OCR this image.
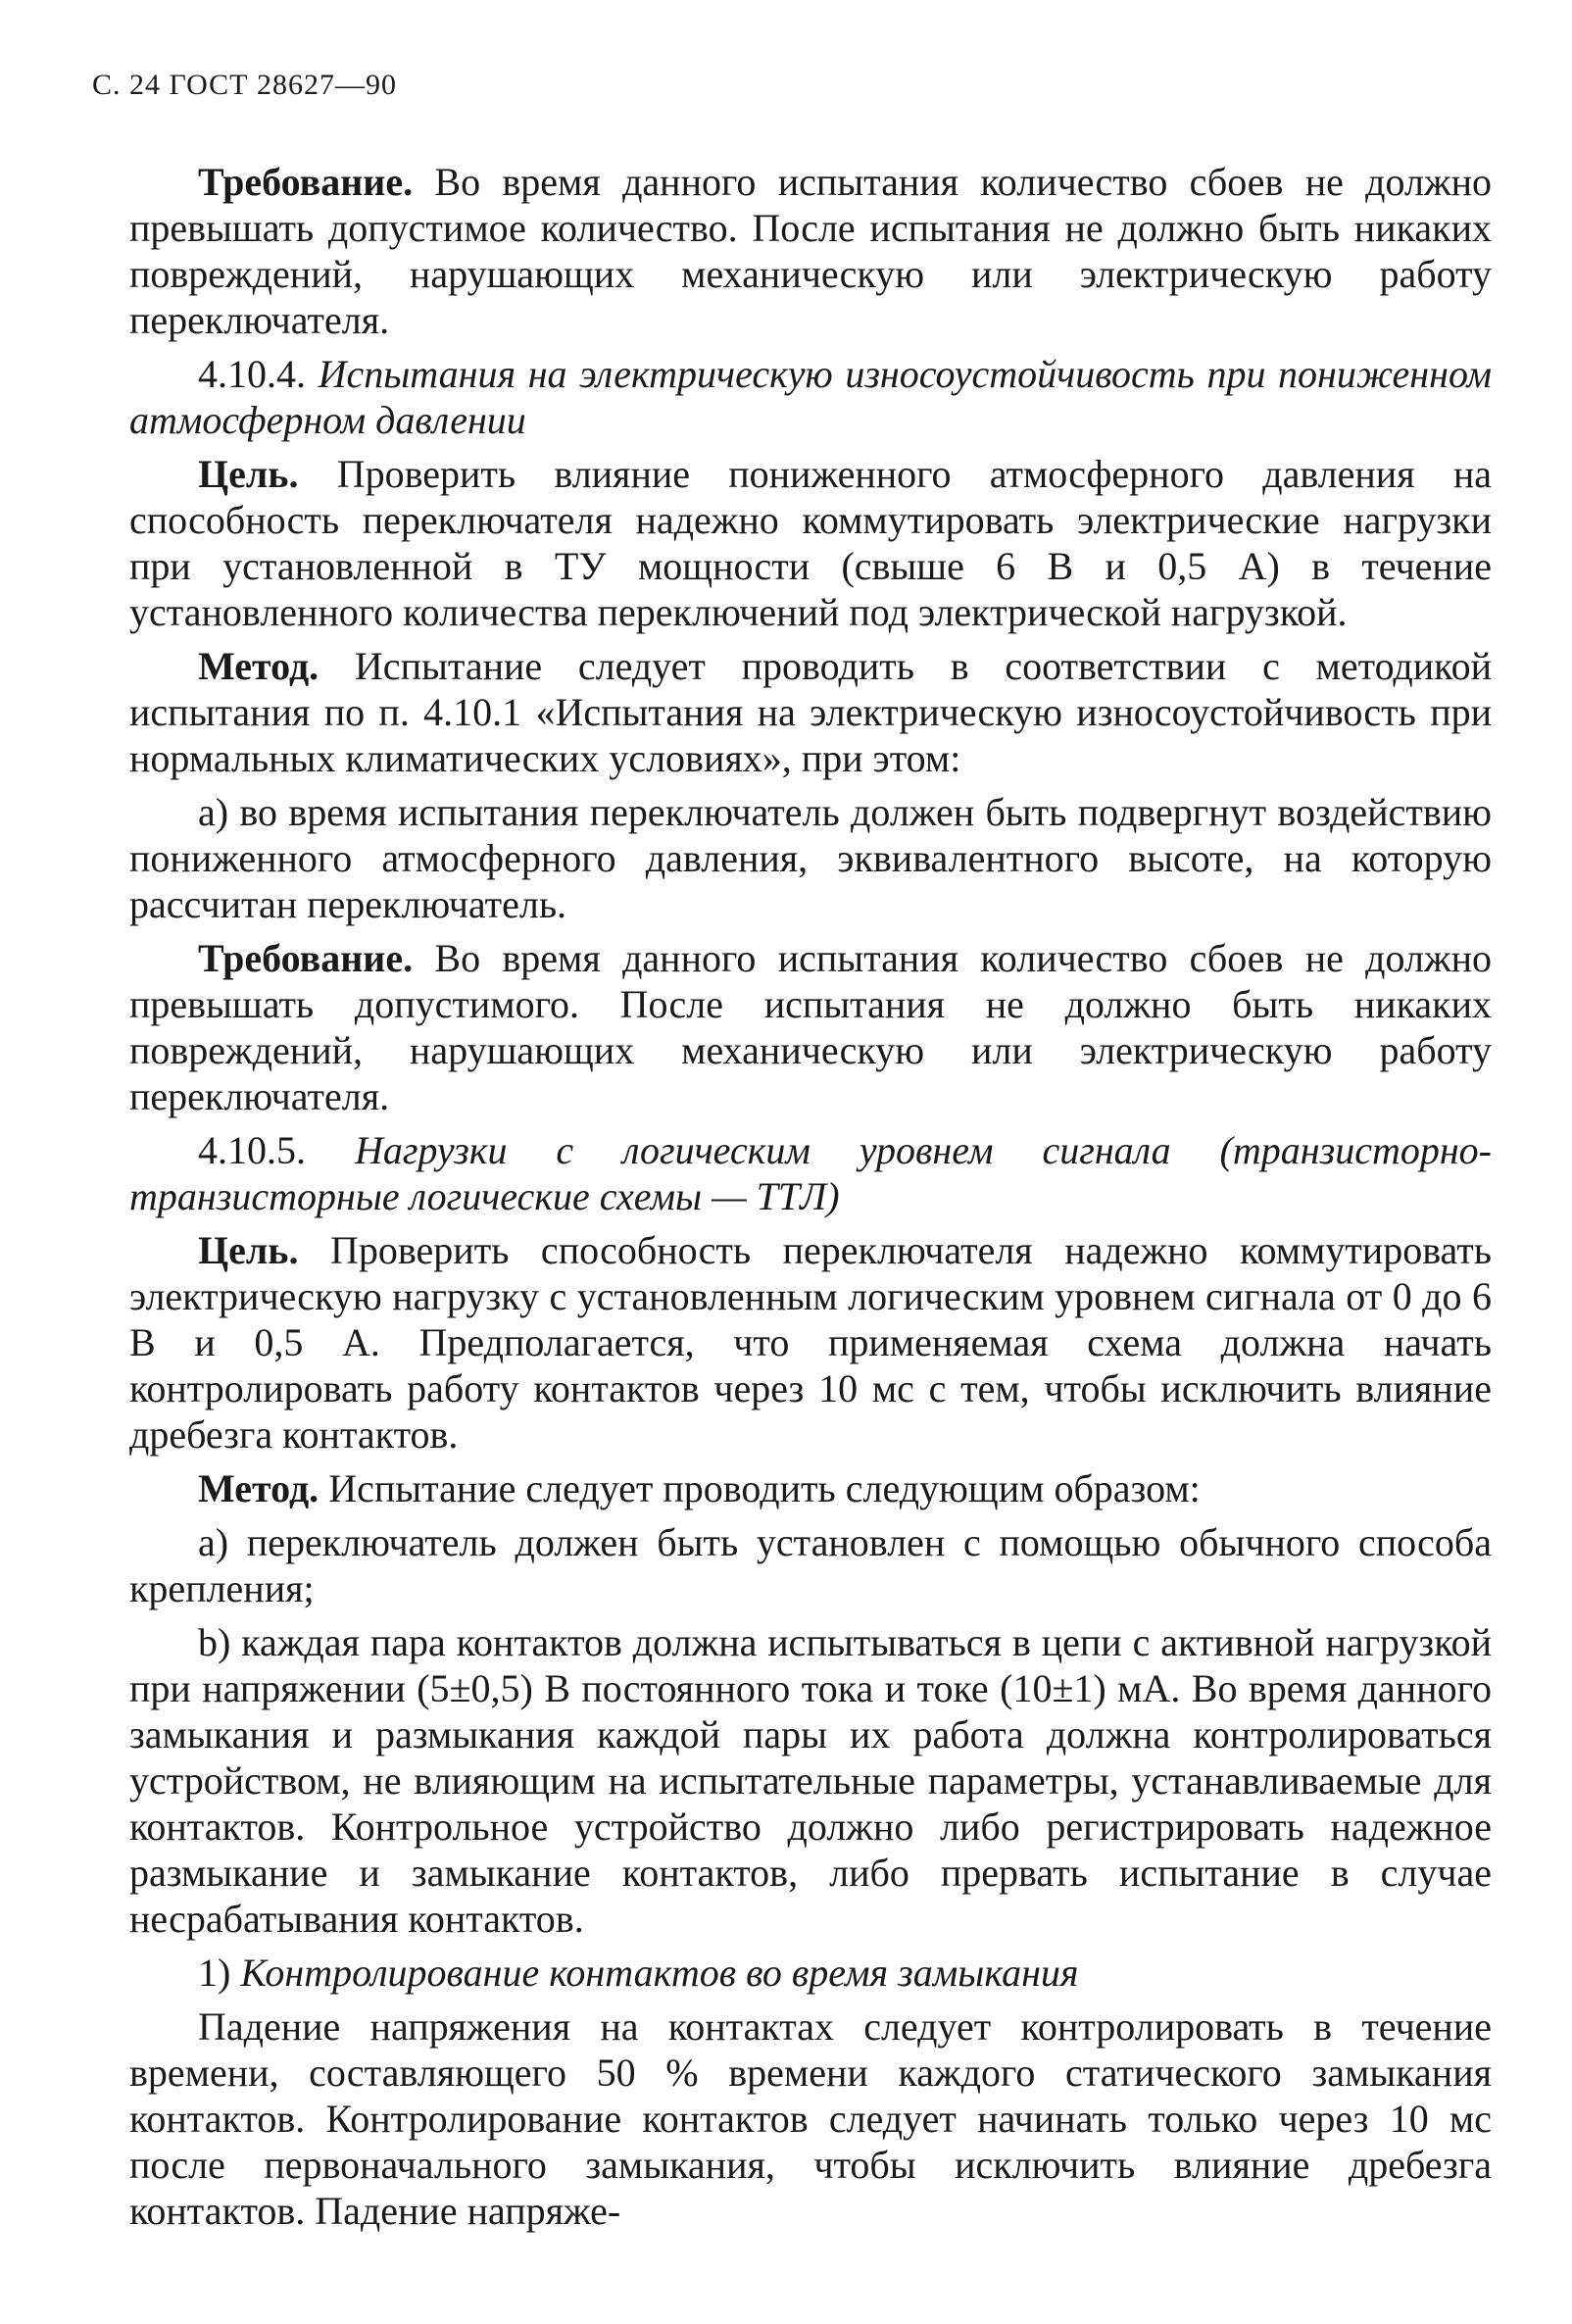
С. 24 ГОСТ 28627—90

Требование. Во время данного испытания количество сбоев не должно превышать допустимое количество. После испытания не должно быть никаких повреждений, нарушающих механическую или электрическую работу переключателя.

4.10.4. Испытания на электрическую износоустойчивость при пониженном атмосферном давлении

Цель. Проверить влияние пониженного атмосферного давления на способность переключателя надежно коммутировать электрические нагрузки при установленной в ТУ мощности (свыше 6 В и 0,5 А) в течение установленного количества переключений под электрической нагрузкой.

Метод. Испытание следует проводить в соответствии с методикой испытания по п. 4.10.1 «Испытания на электрическую износоустойчивость при нормальных климатических условиях», при этом:

а) во время испытания переключатель должен быть подвергнут воздействию пониженного атмосферного давления, эквивалентного высоте, на которую рассчитан переключатель.

Требование. Во время данного испытания количество сбоев не должно превышать допустимого. После испытания не должно быть никаких повреждений, нарушающих механическую или электрическую работу переключателя.

4.10.5. Нагрузки с логическим уровнем сигнала (транзисторно-транзисторные логические схемы — ТТЛ)

Цель. Проверить способность переключателя надежно коммутировать электрическую нагрузку с установленным логическим уровнем сигнала от 0 до 6 В и 0,5 А. Предполагается, что применяемая схема должна начать контролировать работу контактов через 10 мс с тем, чтобы исключить влияние дребезга контактов.

Метод. Испытание следует проводить следующим образом:

а) переключатель должен быть установлен с помощью обычного способа крепления;

b) каждая пара контактов должна испытываться в цепи с активной нагрузкой при напряжении (5±0,5) В постоянного тока и токе (10±1) мА. Во время данного замыкания и размыкания каждой пары их работа должна контролироваться устройством, не влияющим на испытательные параметры, устанавливаемые для контактов. Контрольное устройство должно либо регистрировать надежное размыкание и замыкание контактов, либо прервать испытание в случае несрабатывания контактов.

1) Контролирование контактов во время замыкания

Падение напряжения на контактах следует контролировать в течение времени, составляющего 50 % времени каждого статического замыкания контактов. Контролирование контактов следует начинать только через 10 мс после первоначального замыкания, чтобы исключить влияние дребезга контактов. Падение напряже-
